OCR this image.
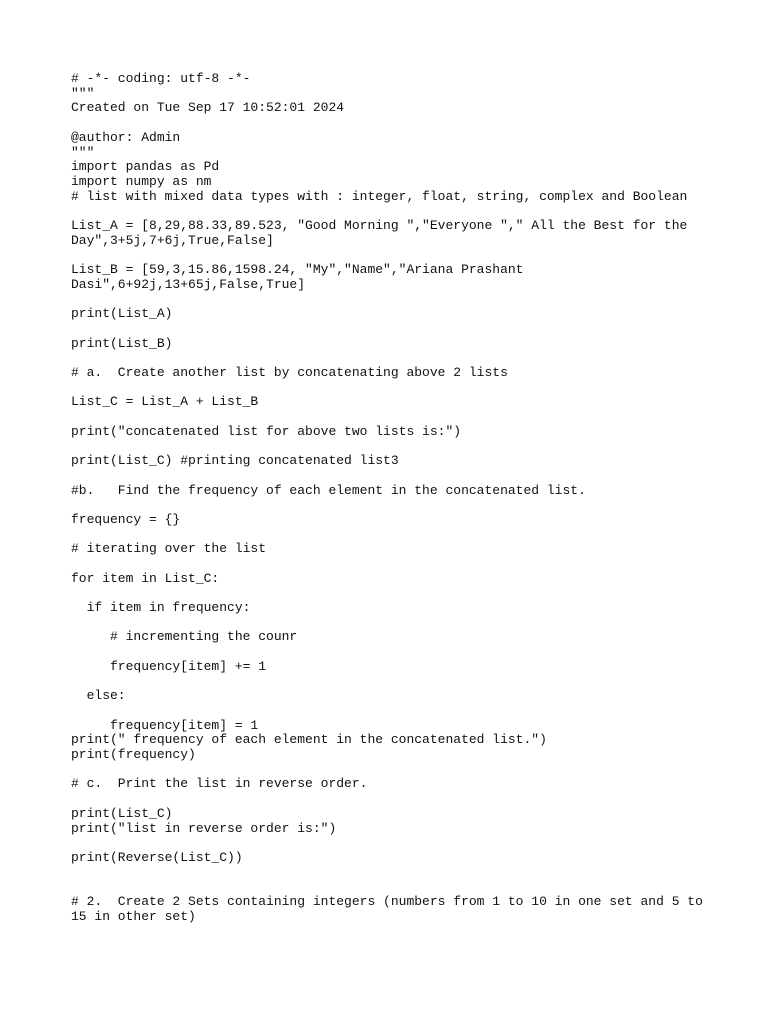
# -*- coding: utf-8 -*-
"""
Created on Tue Sep 17 10:52:01 2024
@author: Admin
"""
import pandas as Pd
import numpy as nm
# list with mixed data types with : integer, float, string, complex and Boolean
List_A = [8,29,88.33,89.523, "Good Morning ","Everyone "," All the Best for the
Day",3+5j,7+6j,True,False]
List_B = [59,3,15.86,1598.24, "My","Name","Ariana Prashant
Dasi",6+92j,13+65j,False,True]
print(List_A)
print(List_B)
# a.  Create another list by concatenating above 2 lists
List_C = List_A + List_B
print("concatenated list for above two lists is:")
print(List_C) #printing concatenated list3
#b.   Find the frequency of each element in the concatenated list.
frequency = {}
# iterating over the list
for item in List_C:
if item in frequency:
# incrementing the counr
frequency[item] += 1
else:
frequency[item] = 1
print(" frequency of each element in the concatenated list.")
print(frequency)
# c.  Print the list in reverse order.
print(List_C)
print("list in reverse order is:")
print(Reverse(List_C))
# 2.  Create 2 Sets containing integers (numbers from 1 to 10 in one set and 5 to
15 in other set)
